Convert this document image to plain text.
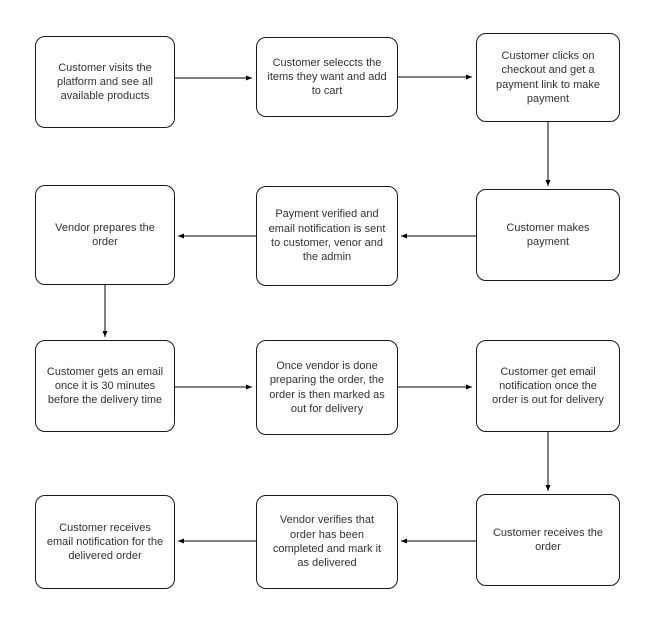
Customer visits the platform and see all available products
Customer seleccts the items they want and add to cart
Customer clicks on checkout and get a payment link to make payment
Customer makes payment
Payment verified and email notification is sent to customer, venor and the admin
Vendor prepares the order
Customer gets an email once it is 30 minutes before the delivery time
Once vendor is done preparing the order, the order is then marked as out for delivery
Customer get email notification once the order is out for delivery
Customer receives the order
Vendor verifies that order has been completed and mark it as delivered
Customer receives email notification for the delivered order
